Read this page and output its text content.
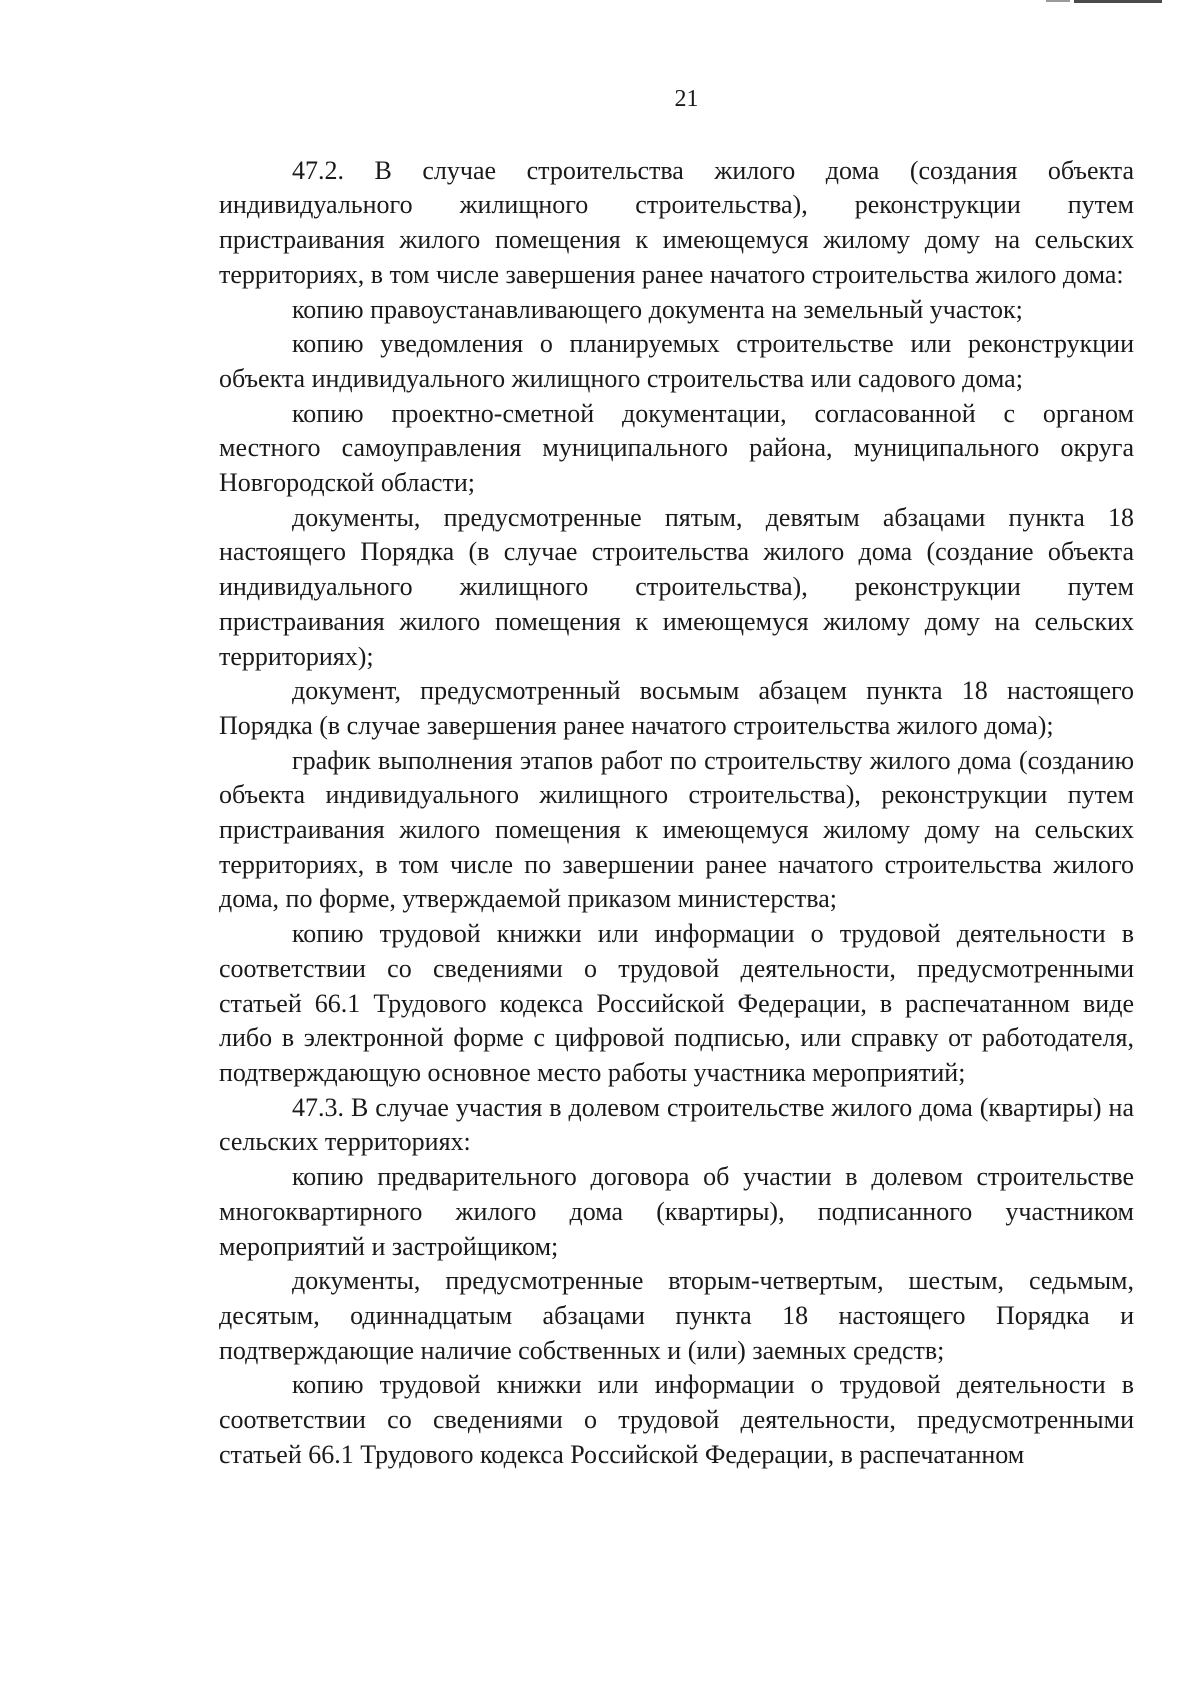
21

47.2. В случае строительства жилого дома (создания объекта индивидуального жилищного строительства), реконструкции путем пристраивания жилого помещения к имеющемуся жилому дому на сельских территориях, в том числе завершения ранее начатого строительства жилого дома:

копию правоустанавливающего документа на земельный участок;

копию уведомления о планируемых строительстве или реконструкции объекта индивидуального жилищного строительства или садового дома;

копию проектно-сметной документации, согласованной с органом местного самоуправления муниципального района, муниципального округа Новгородской области;

документы, предусмотренные пятым, девятым абзацами пункта 18 настоящего Порядка (в случае строительства жилого дома (создание объекта индивидуального жилищного строительства), реконструкции путем пристраивания жилого помещения к имеющемуся жилому дому на сельских территориях);

документ, предусмотренный восьмым абзацем пункта 18 настоящего Порядка (в случае завершения ранее начатого строительства жилого дома);

график выполнения этапов работ по строительству жилого дома (созданию объекта индивидуального жилищного строительства), реконструкции путем пристраивания жилого помещения к имеющемуся жилому дому на сельских территориях, в том числе по завершении ранее начатого строительства жилого дома, по форме, утверждаемой приказом министерства;

копию трудовой книжки или информации о трудовой деятельности в соответствии со сведениями о трудовой деятельности, предусмотренными статьей 66.1 Трудового кодекса Российской Федерации, в распечатанном виде либо в электронной форме с цифровой подписью, или справку от работодателя, подтверждающую основное место работы участника мероприятий;

47.3. В случае участия в долевом строительстве жилого дома (квартиры) на сельских территориях:

копию предварительного договора об участии в долевом строительстве многоквартирного жилого дома (квартиры), подписанного участником мероприятий и застройщиком;

документы, предусмотренные вторым-четвертым, шестым, седьмым, десятым, одиннадцатым абзацами пункта 18 настоящего Порядка и подтверждающие наличие собственных и (или) заемных средств;

копию трудовой книжки или информации о трудовой деятельности в соответствии со сведениями о трудовой деятельности, предусмотренными статьей 66.1 Трудового кодекса Российской Федерации, в распечатанном
